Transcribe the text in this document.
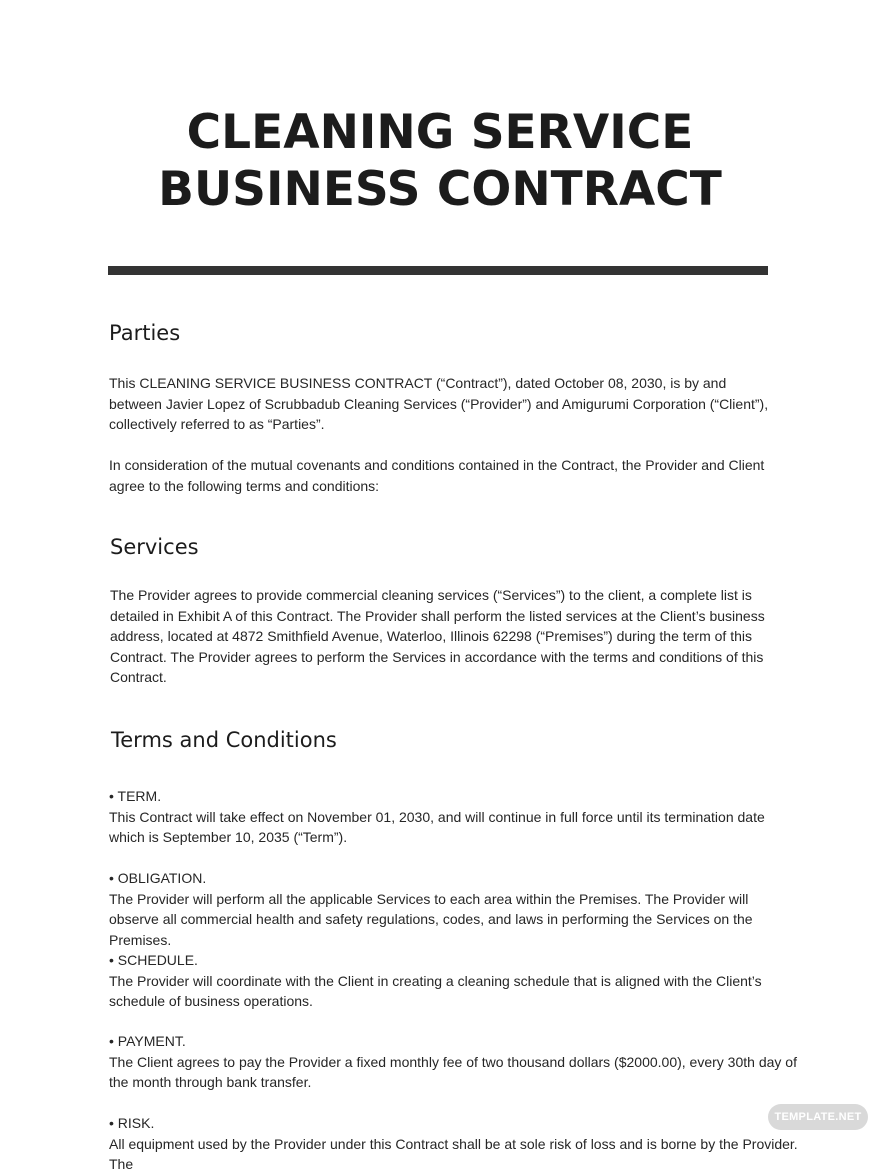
CLEANING SERVICE
BUSINESS CONTRACT
Parties

This CLEANING SERVICE BUSINESS CONTRACT (“Contract”), dated October 08, 2030, is by and between Javier Lopez of Scrubbadub Cleaning Services (“Provider”) and Amigurumi Corporation (“Client”), collectively referred to as “Parties”.

In consideration of the mutual covenants and conditions contained in the Contract, the Provider and Client agree to the following terms and conditions:

Services

The Provider agrees to provide commercial cleaning services (“Services”) to the client, a complete list is detailed in Exhibit A of this Contract. The Provider shall perform the listed services at the Client’s business address, located at 4872 Smithfield Avenue, Waterloo, Illinois 62298 (“Premises”) during the term of this Contract. The Provider agrees to perform the Services in accordance with the terms and conditions of this Contract.

Terms and Conditions
• TERM.
This Contract will take effect on November 01, 2030, and will continue in full force until its termination date which is September 10, 2035 (“Term”).
• OBLIGATION.
The Provider will perform all the applicable Services to each area within the Premises. The Provider will observe all commercial health and safety regulations, codes, and laws in performing the Services on the Premises.
• SCHEDULE.
The Provider will coordinate with the Client in creating a cleaning schedule that is aligned with the Client’s schedule of business operations.
• PAYMENT.
The Client agrees to pay the Provider a fixed monthly fee of two thousand dollars ($2000.00), every 30th day of the month through bank transfer.
• RISK.
All equipment used by the Provider under this Contract shall be at sole risk of loss and is borne by the Provider. The
TEMPLATE.NET
